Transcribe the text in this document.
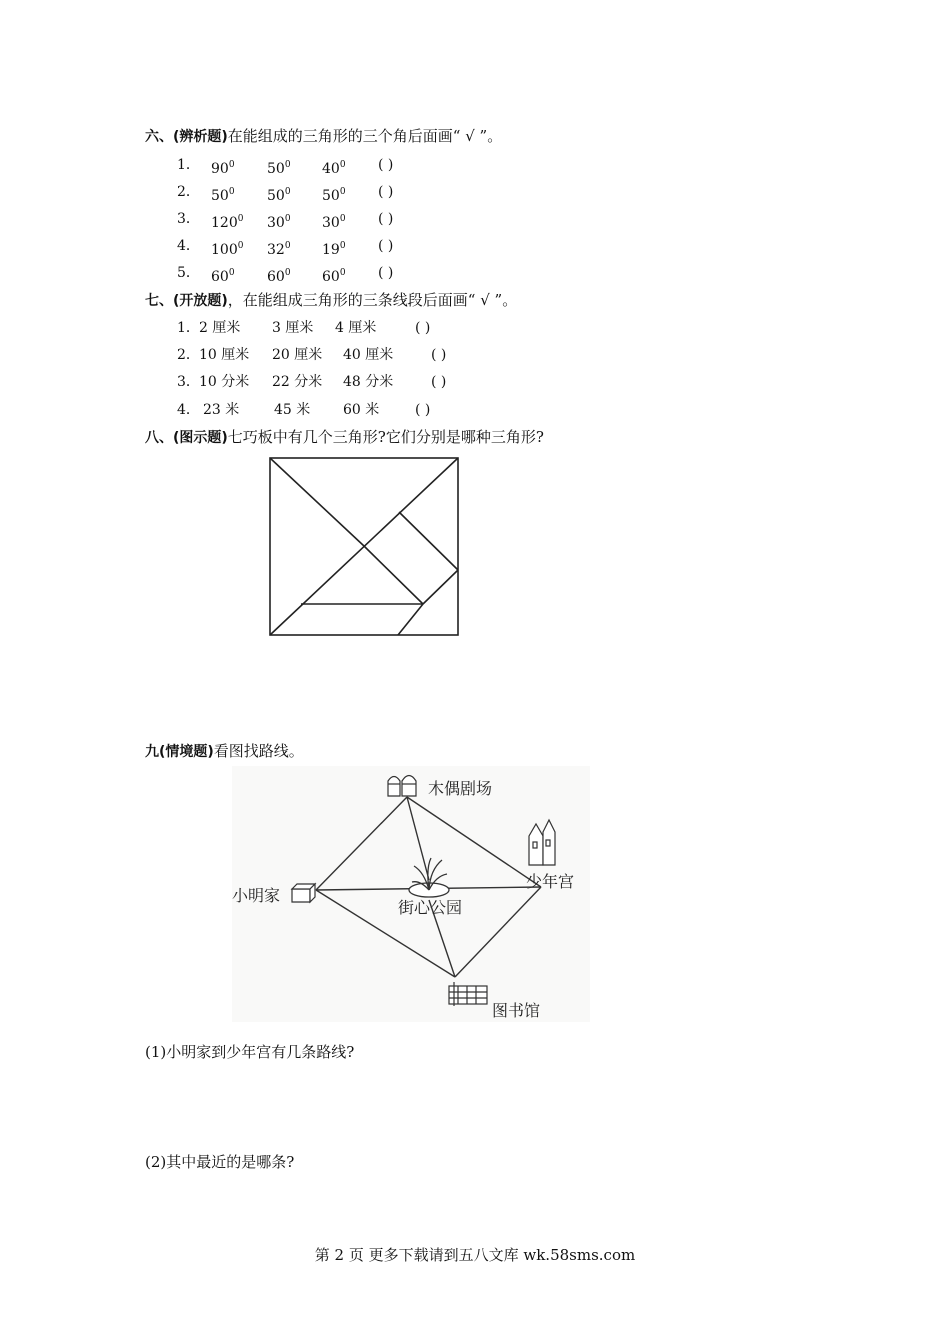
六、(辨析题)在能组成的三角形的三个角后面画“ √ ”。
1． $90^0$ $50^0$ $40^0$ ( )
2． $50^0$ $50^0$ $50^0$ ( )
3． $120^0$ $30^0$ $30^0$ ( )
4． $100^0$ $32^0$ $19^0$ ( )
5． $60^0$ $60^0$ $60^0$ ( )
七、(开放题)，在能组成三角形的三条线段后面画“ √ ”。
1． 2 厘米 3 厘米 4 厘米	( )
2． 10 厘米 20 厘米 40 厘米	( )
3． 10 分米 22 分米 48 分米	( )
4． 23 米 45 米 60 米	( )
八、(图示题)七巧板中有几个三角形?它们分别是哪种三角形?
九(情境题)看图找路线。
木偶剧场
小明家
街心公园
少年宫
图书馆
(1)小明家到少年宫有几条路线?
(2)其中最近的是哪条?
第 2 页 更多下载请到五八文库 wk.58sms.com
